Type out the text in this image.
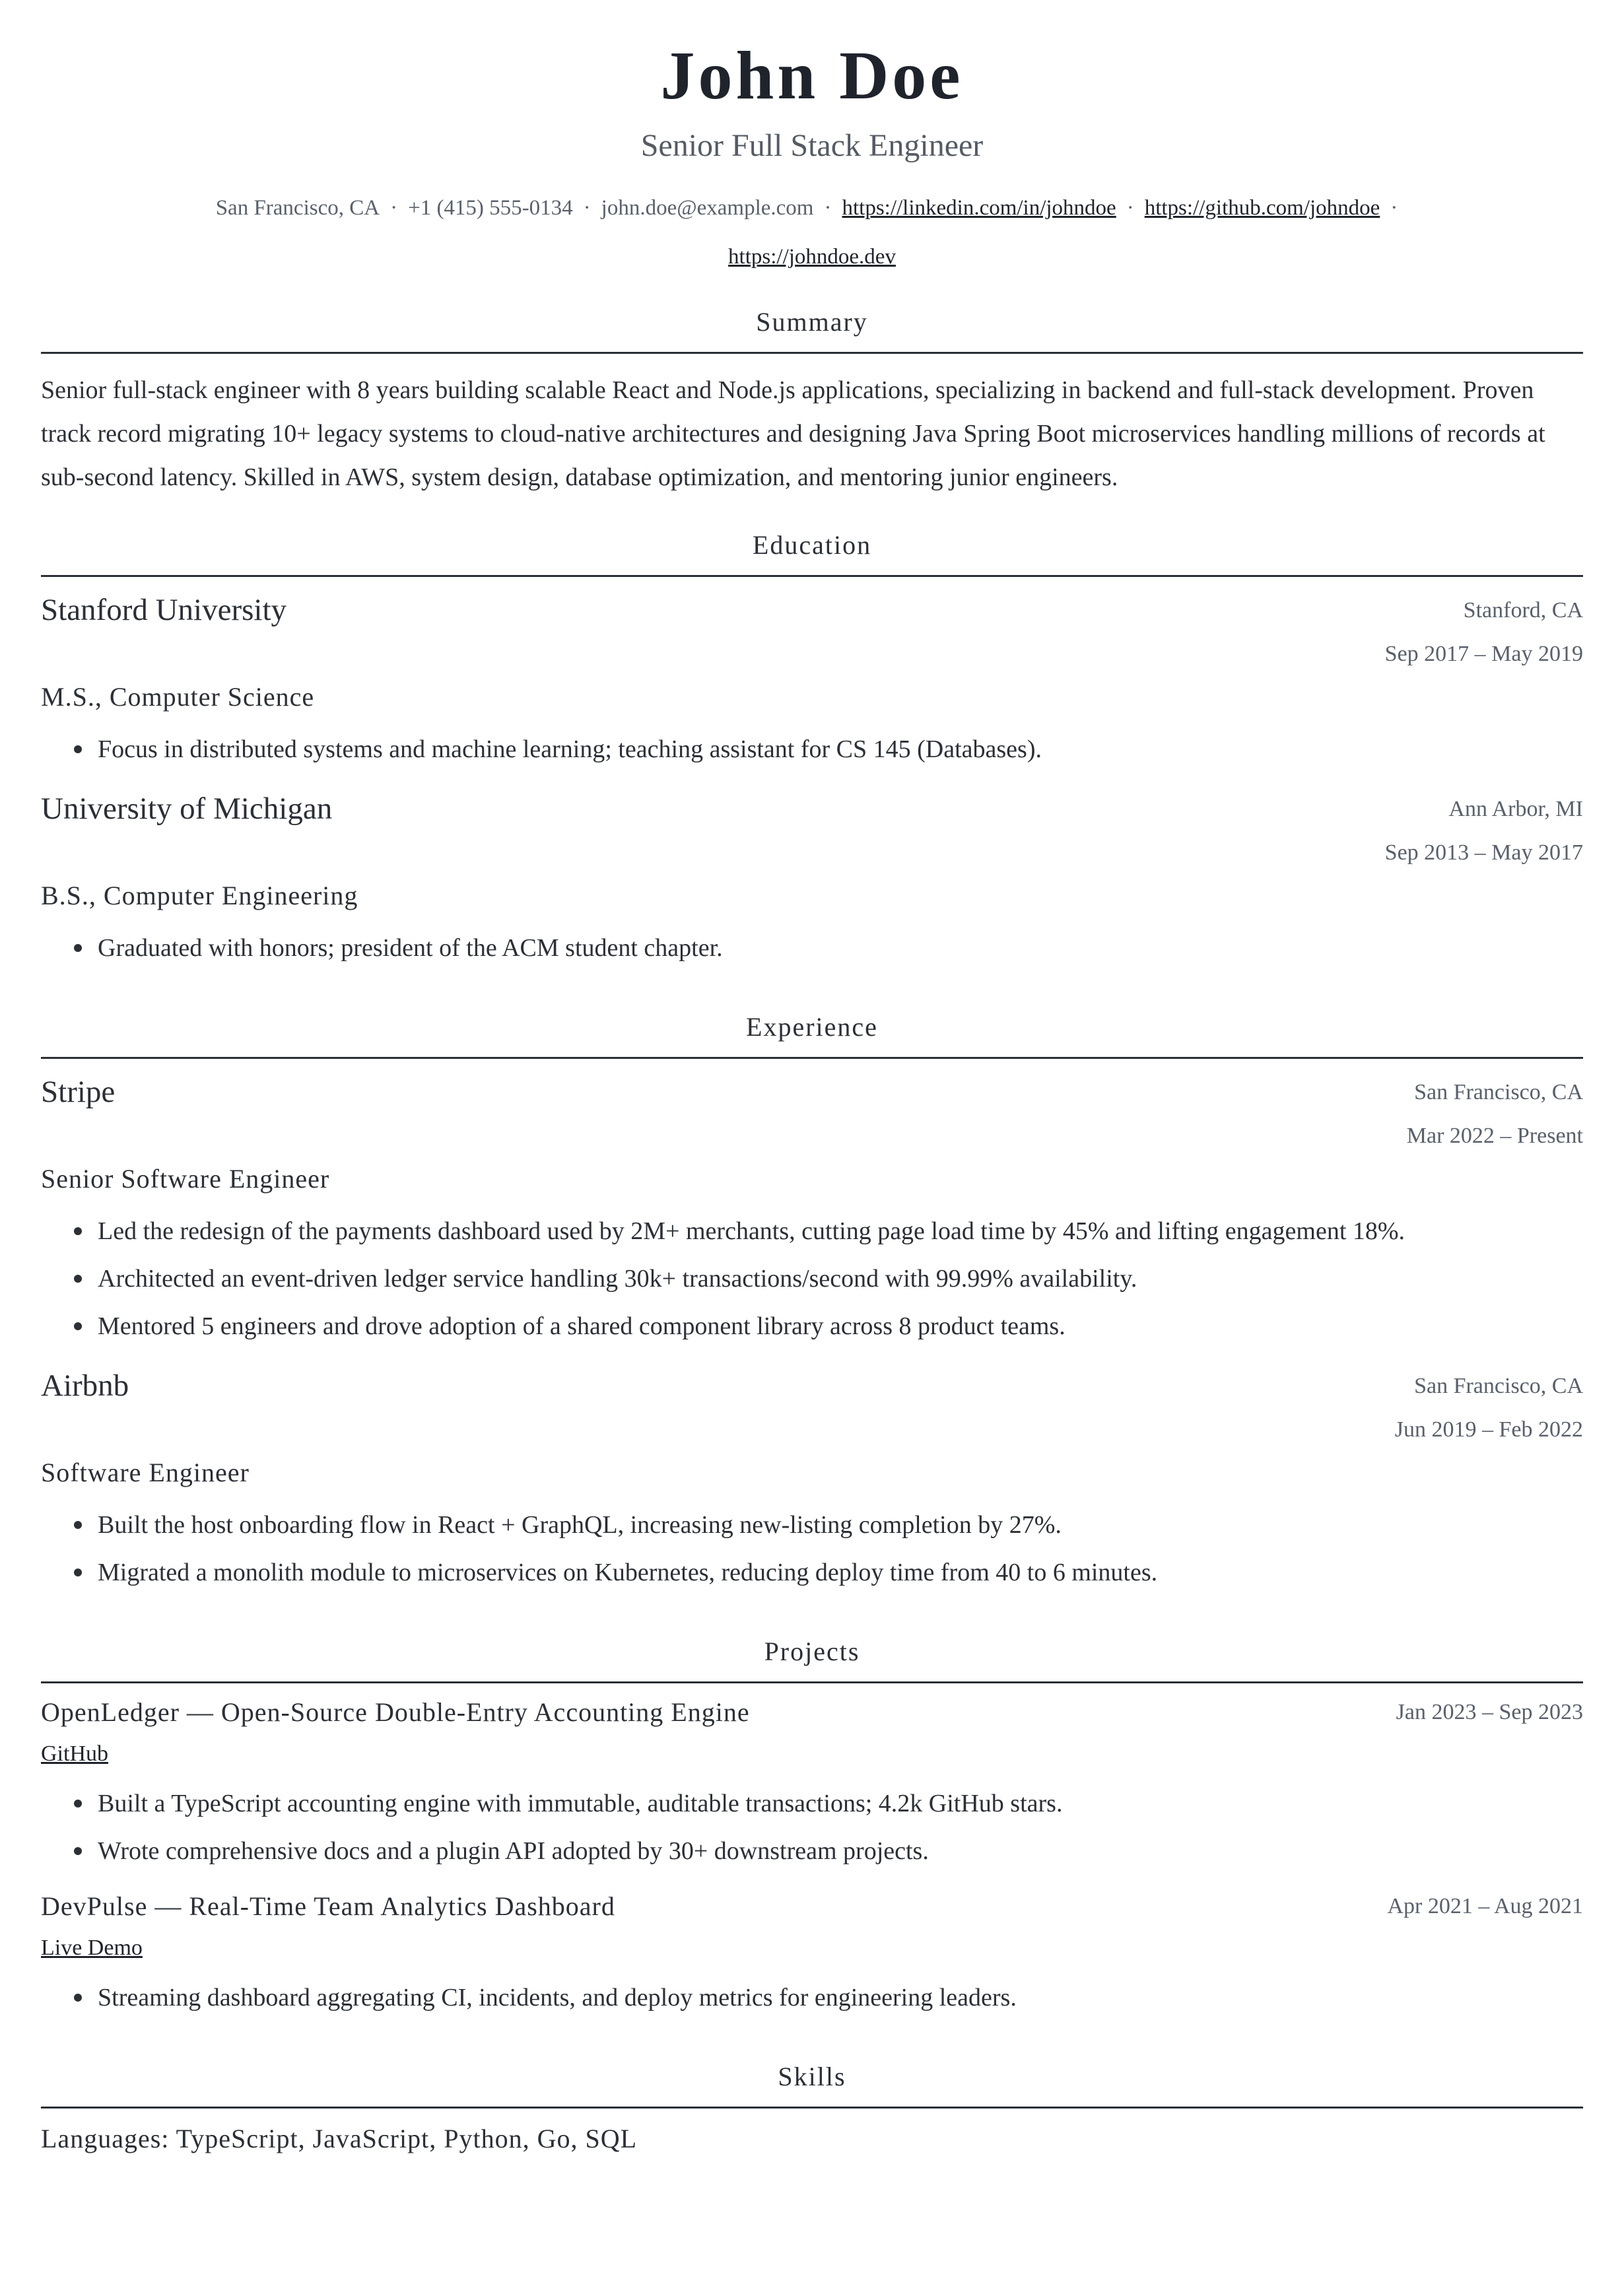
John Doe
Senior Full Stack Engineer
San Francisco, CA · +1 (415) 555-0134 · john.doe@example.com · https://linkedin.com/in/johndoe · https://github.com/johndoe ·
https://johndoe.dev
Summary
Senior full-stack engineer with 8 years building scalable React and Node.js applications, specializing in backend and full-stack development. Proven track record migrating 10+ legacy systems to cloud-native architectures and designing Java Spring Boot microservices handling millions of records at sub-second latency. Skilled in AWS, system design, database optimization, and mentoring junior engineers.
Education
Stanford University	Stanford, CA
Sep 2017 – May 2019
M.S., Computer Science
Focus in distributed systems and machine learning; teaching assistant for CS 145 (Databases).
University of Michigan	Ann Arbor, MI
Sep 2013 – May 2017
B.S., Computer Engineering
Graduated with honors; president of the ACM student chapter.
Experience
Stripe	San Francisco, CA
Mar 2022 – Present
Senior Software Engineer
Led the redesign of the payments dashboard used by 2M+ merchants, cutting page load time by 45% and lifting engagement 18%.
Architected an event-driven ledger service handling 30k+ transactions/second with 99.99% availability.
Mentored 5 engineers and drove adoption of a shared component library across 8 product teams.
Airbnb	San Francisco, CA
Jun 2019 – Feb 2022
Software Engineer
Built the host onboarding flow in React + GraphQL, increasing new-listing completion by 27%.
Migrated a monolith module to microservices on Kubernetes, reducing deploy time from 40 to 6 minutes.
Projects
OpenLedger — Open-Source Double-Entry Accounting Engine	Jan 2023 – Sep 2023
GitHub
Built a TypeScript accounting engine with immutable, auditable transactions; 4.2k GitHub stars.
Wrote comprehensive docs and a plugin API adopted by 30+ downstream projects.
DevPulse — Real-Time Team Analytics Dashboard	Apr 2021 – Aug 2021
Live Demo
Streaming dashboard aggregating CI, incidents, and deploy metrics for engineering leaders.
Skills
Languages: TypeScript, JavaScript, Python, Go, SQL
